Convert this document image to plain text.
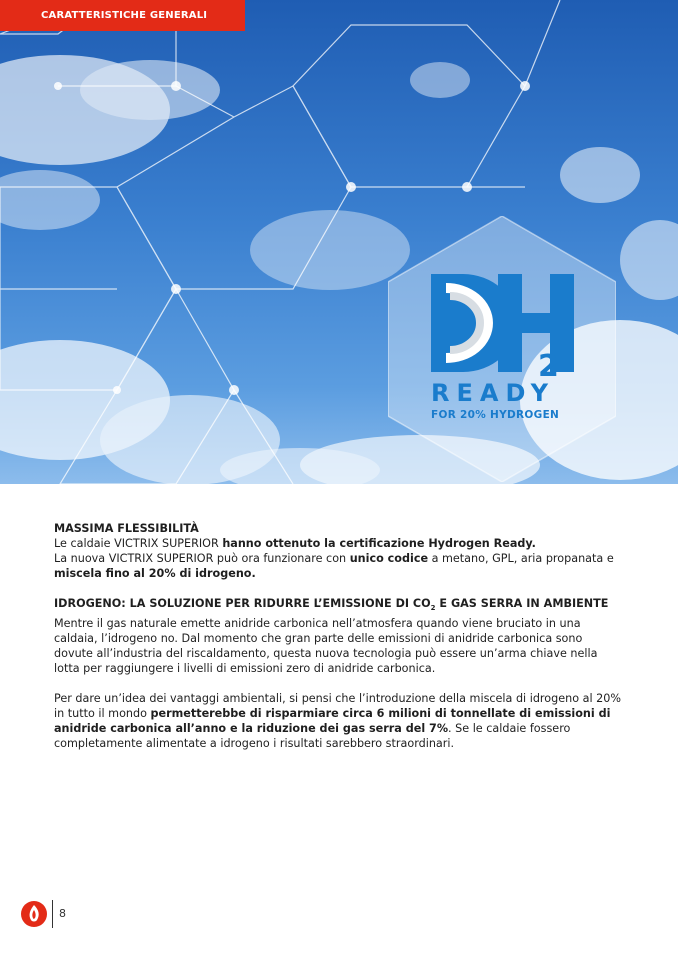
CARATTERISTICHE GENERALI
2
READY
FOR 20% HYDROGEN

MASSIMA FLESSIBILITÀ

Le caldaie VICTRIX SUPERIOR hanno ottenuto la certificazione Hydrogen Ready.

La nuova VICTRIX SUPERIOR può ora funzionare con unico codice a metano, GPL, aria propanata e miscela fino al 20% di idrogeno.

IDROGENO: LA SOLUZIONE PER RIDURRE L’EMISSIONE DI $CO_2$ E GAS SERRA IN AMBIENTE

Mentre il gas naturale emette anidride carbonica nell’atmosfera quando viene bruciato in una caldaia, l’idrogeno no. Dal momento che gran parte delle emissioni di anidride carbonica sono dovute all’industria del riscaldamento, questa nuova tecnologia può essere un’arma chiave nella lotta per raggiungere i livelli di emissioni zero di anidride carbonica.

Per dare un’idea dei vantaggi ambientali, si pensi che l’introduzione della miscela di idrogeno al 20% in tutto il mondo permetterebbe di risparmiare circa 6 milioni di tonnellate di emissioni di anidride carbonica all’anno e la riduzione dei gas serra del 7%. Se le caldaie fossero completamente alimentate a idrogeno i risultati sarebbero straordinari.

8
